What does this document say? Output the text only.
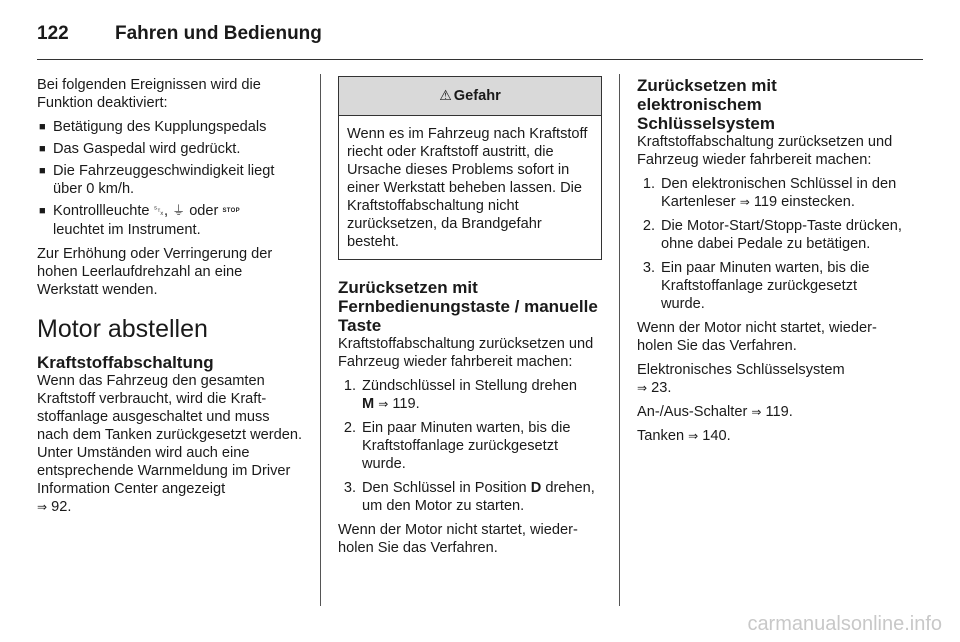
122	Fahren und Bedienung

Bei folgenden Ereignissen wird die Funktion deaktiviert:

■ Betätigung des Kupplungspedals
■ Das Gaspedal wird gedrückt.
■ Die Fahrzeuggeschwindigkeit liegt über 0 km/h.
■ Kontrollleuchte ␂, ⏚ oder STOP
leuchtet im Instrument.

Zur Erhöhung oder Verringerung der hohen Leerlaufdrehzahl an eine Werkstatt wenden.

Motor abstellen
Kraftstoffabschaltung

Wenn das Fahrzeug den gesamten Kraftstoff verbraucht, wird die Kraftstoffanlage ausgeschaltet und muss nach dem Tanken zurückgesetzt werden. Unter Umständen wird auch eine entsprechende Warnmeldung im Driver Information Center angezeigt
⇒ 92.

⚠ Gefahr
Wenn es im Fahrzeug nach Kraftstoff riecht oder Kraftstoff austritt, die Ursache dieses Problems sofort in einer Werkstatt beheben lassen. Die Kraftstoffabschaltung nicht zurücksetzen, da Brandgefahr besteht.
Zurücksetzen mit Fernbedienungstaste / manuelle Taste

Kraftstoffabschaltung zurücksetzen und Fahrzeug wieder fahrbereit machen:

1. Zündschlüssel in Stellung drehen
M ⇒ 119.
2. Ein paar Minuten warten, bis die Kraftstoffanlage zurückgesetzt wurde.
3. Den Schlüssel in Position D drehen, um den Motor zu starten.

Wenn der Motor nicht startet, wiederholen Sie das Verfahren.

Zurücksetzen mit elektronischem Schlüsselsystem

Kraftstoffabschaltung zurücksetzen und Fahrzeug wieder fahrbereit machen:

1. Den elektronischen Schlüssel in den Kartenleser ⇒ 119 einstecken.
2. Die Motor-Start/Stopp-Taste drücken, ohne dabei Pedale zu betätigen.
3. Ein paar Minuten warten, bis die Kraftstoffanlage zurückgesetzt wurde.

Wenn der Motor nicht startet, wiederholen Sie das Verfahren.

Elektronisches Schlüsselsystem
⇒ 23.

An-/Aus-Schalter ⇒ 119.

Tanken ⇒ 140.

carmanualsonline.info
